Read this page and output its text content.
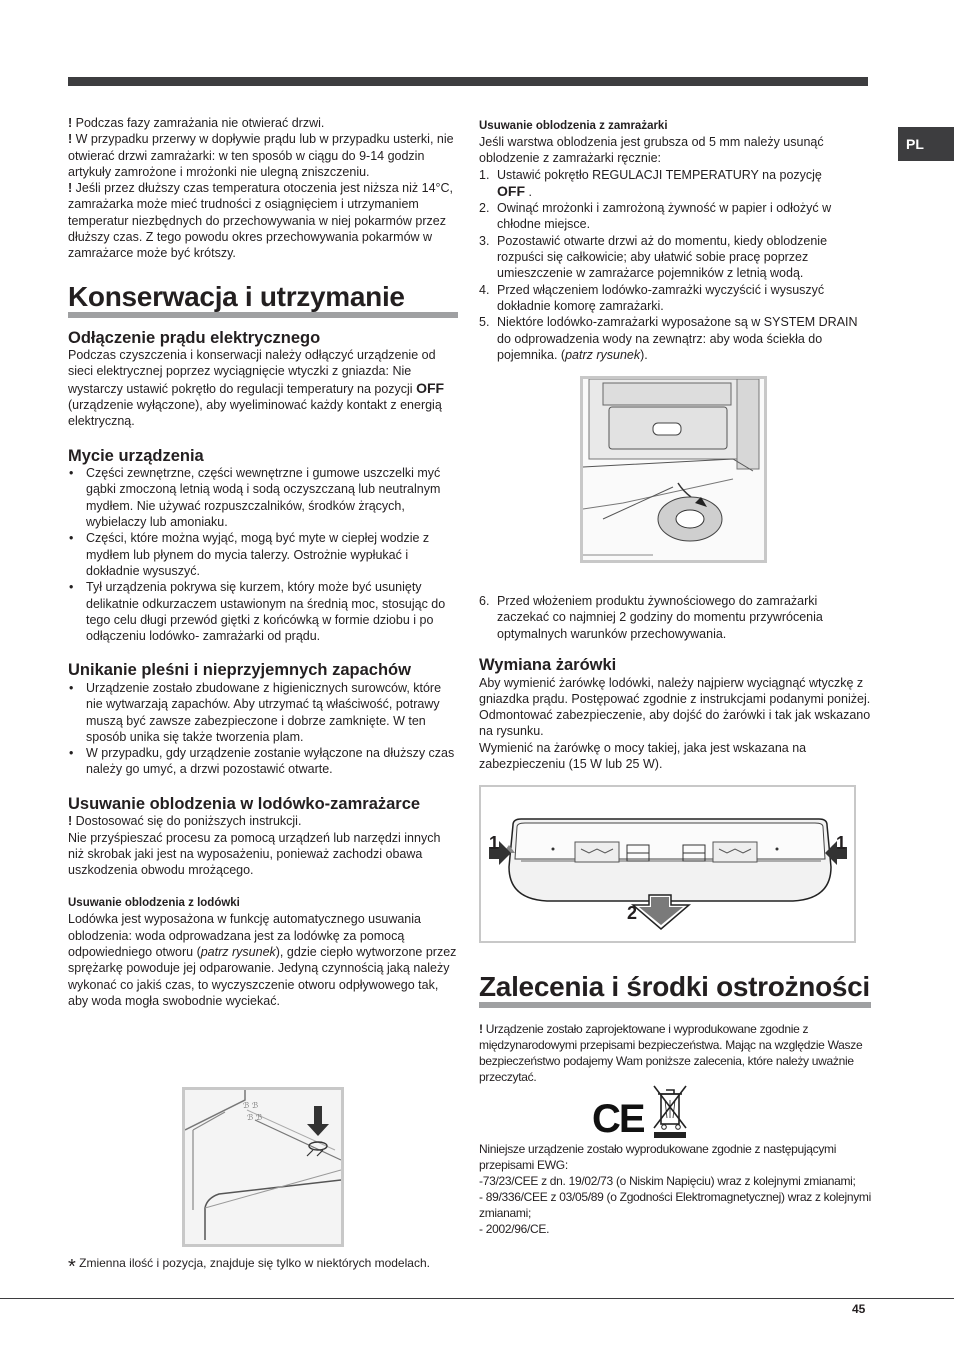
PL

! Podczas fazy zamrażania nie otwierać drzwi.

! W przypadku przerwy w dopływie prądu lub w przypadku usterki, nie otwierać drzwi zamrażarki: w ten sposób w ciągu do 9-14 godzin artykuły zamrożone i mrożonki nie ulegną zniszczeniu.

! Jeśli przez dłuższy czas temperatura otoczenia jest niższa niż 14°C, zamrażarka może mieć trudności z osiągnięciem i utrzymaniem temperatur niezbędnych do przechowywania w niej pokarmów przez dłuższy czas. Z tego powodu okres przechowywania pokarmów w zamrażarce może być krótszy.

Konserwacja i utrzymanie

Odłączenie prądu elektrycznego

Podczas czyszczenia i konserwacji należy odłączyć urządzenie od sieci elektrycznej poprzez wyciągnięcie wtyczki z gniazda: Nie wystarczy ustawić pokrętło do regulacji temperatury na pozycji OFF (urządzenie wyłączone), aby wyeliminować każdy kontakt z energią elektryczną.

Mycie urządzenia

• Części zewnętrzne, części wewnętrzne i gumowe uszczelki myć gąbki zmoczoną letnią wodą i sodą oczyszczaną lub neutralnym mydłem. Nie używać rozpuszczalników, środków żrących, wybielaczy lub amoniaku.
• Części, które można wyjąć, mogą być myte w ciepłej wodzie z mydłem lub płynem do mycia talerzy. Ostrożnie wypłukać i dokładnie wysuszyć.
• Tył urządzenia pokrywa się kurzem, który może być usunięty delikatnie odkurzaczem ustawionym na średnią moc, stosując do tego celu długi przewód giętki z końcówką w formie dziobu i po odłączeniu lodówko- zamrażarki od prądu.

Unikanie pleśni i nieprzyjemnych zapachów

• Urządzenie zostało zbudowane z higienicznych surowców, które nie wytwarzają zapachów. Aby utrzymać tą właściwość, potrawy muszą być zawsze zabezpieczone i dobrze zamknięte. W ten sposób unika się także tworzenia plam.
• W przypadku, gdy urządzenie zostanie wyłączone na dłuższy czas należy go umyć, a drzwi pozostawić otwarte.

Usuwanie oblodzenia w lodówko-zamrażarce

! Dostosować się do poniższych instrukcji.

Nie przyśpieszać procesu za pomocą urządzeń lub narzędzi innych niż skrobak jaki jest na wyposażeniu, ponieważ zachodzi obawa uszkodzenia obwodu mrożącego.

Usuwanie oblodzenia z lodówki

Lodówka jest wyposażona w funkcję automatycznego usuwania oblodzenia: woda odprowadzana jest za lodówkę za pomocą odpowiedniego otworu (patrz rysunek), gdzie ciepło wytworzone przez sprężarkę powoduje jej odparowanie. Jedyną czynnością jaką należy wykonać co jakiś czas, to wyczyszczenie otworu odpływowego tak, aby woda mogła swobodnie wyciekać.

ℬ ℬ
ℬ ℬ
* Zmienna ilość i pozycja, znajduje się tylko w niektórych modelach.

Usuwanie oblodzenia z zamrażarki

Jeśli warstwa oblodzenia jest grubsza od 5 mm należy usunąć oblodzenie z zamrażarki ręcznie:

1. Ustawić pokrętło REGULACJI TEMPERATURY na pozycję
OFF .
2. Owinąć mrożonki i zamrożoną żywność w papier i odłożyć w chłodne miejsce.
3. Pozostawić otwarte drzwi aż do momentu, kiedy oblodzenie rozpuści się całkowicie; aby ułatwić sobie pracę poprzez umieszczenie w zamrażarce pojemników z letnią wodą.
4. Przed włączeniem lodówko-zamrażki wyczyścić i wysuszyć dokładnie komorę zamrażarki.
5. Niektóre lodówko-zamrażarki wyposażone są w SYSTEM DRAIN do odprowadzenia wody na zewnątrz: aby woda ściekła do pojemnika. (patrz rysunek).
6. Przed włożeniem produktu żywnościowego do zamrażarki zaczekać co najmniej 2 godziny do momentu przywrócenia optymalnych warunków przechowywania.

Wymiana żarówki

Aby wymienić żarówkę lodówki, należy najpierw wyciągnąć wtyczkę z gniazdka prądu. Postępować zgodnie z instrukcjami podanymi poniżej. Odmontować zabezpieczenie, aby dojść do żarówki i tak jak wskazano na rysunku.

Wymienić na żarówkę o mocy takiej, jaka jest wskazana na zabezpieczeniu (15 W lub 25 W).

1	1
2
Zalecenia i środki ostrożności

! Urządzenie zostało zaprojektowane i wyprodukowane zgodnie z międzynarodowymi przepisami bezpieczeństwa. Mając na względzie Wasze bezpieczeństwo podajemy Wam poniższe zalecenia, które należy uważnie przeczytać.

CE

Niniejsze urządzenie zostało wyprodukowane zgodnie z następującymi przepisami EWG:

-73/23/CEE z dn. 19/02/73 (o Niskim Napięciu) wraz z kolejnymi zmianami;

- 89/336/CEE z 03/05/89 (o Zgodności Elektromagnetycznej) wraz z kolejnymi zmianami;

- 2002/96/CE.

45
